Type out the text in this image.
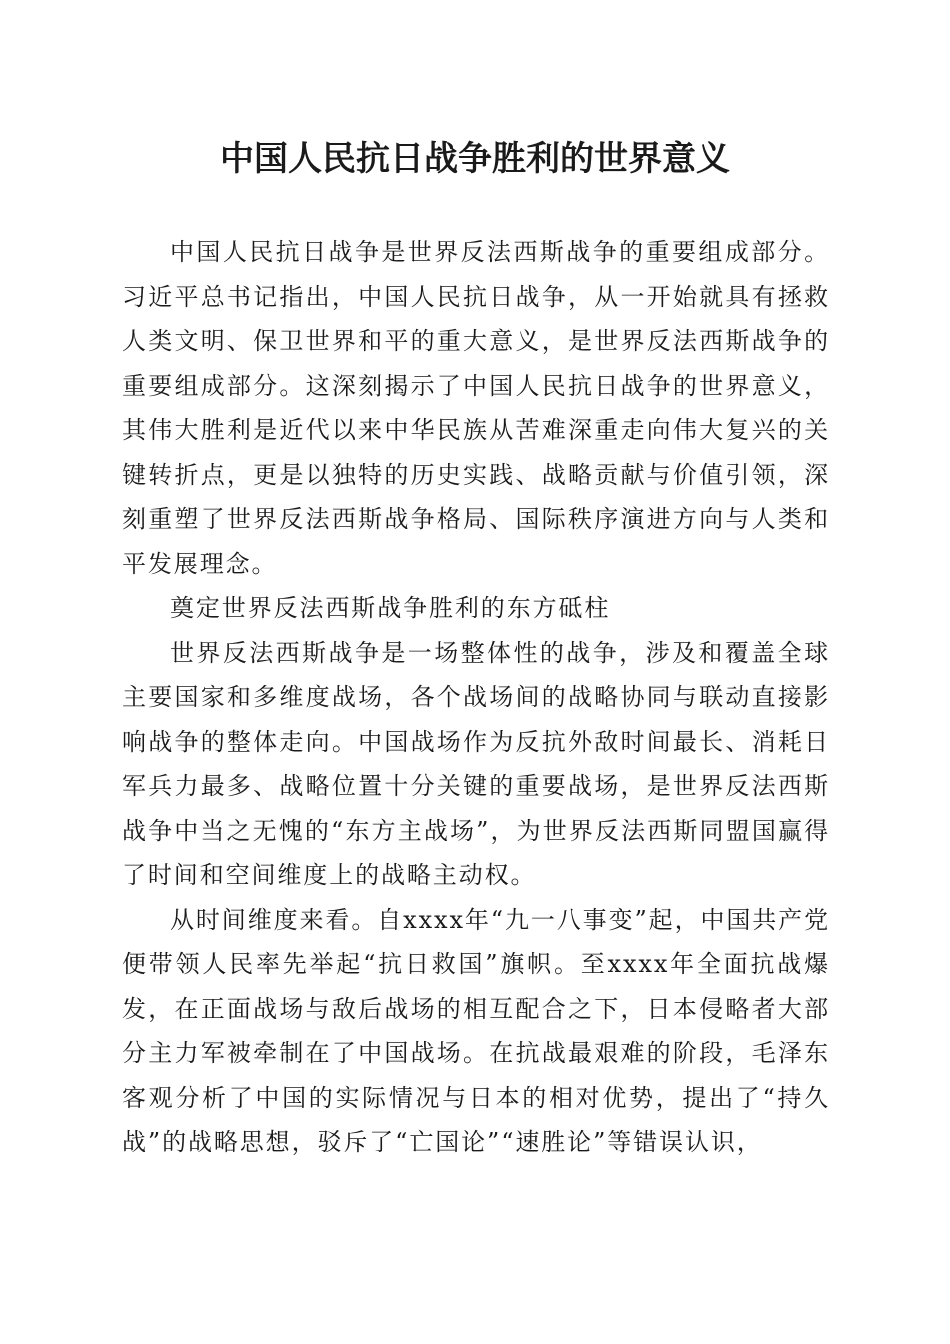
中国人民抗日战争胜利的世界意义

中国人民抗日战争是世界反法西斯战争的重要组成部分。习近平总书记指出，中国人民抗日战争，从一开始就具有拯救人类文明、保卫世界和平的重大意义，是世界反法西斯战争的重要组成部分。这深刻揭示了中国人民抗日战争的世界意义，其伟大胜利是近代以来中华民族从苦难深重走向伟大复兴的关键转折点，更是以独特的历史实践、战略贡献与价值引领，深刻重塑了世界反法西斯战争格局、国际秩序演进方向与人类和平发展理念。

奠定世界反法西斯战争胜利的东方砥柱

世界反法西斯战争是一场整体性的战争，涉及和覆盖全球主要国家和多维度战场，各个战场间的战略协同与联动直接影响战争的整体走向。中国战场作为反抗外敌时间最长、消耗日军兵力最多、战略位置十分关键的重要战场，是世界反法西斯战争中当之无愧的“东方主战场”，为世界反法西斯同盟国赢得了时间和空间维度上的战略主动权。

从时间维度来看。自xxxx年“九一八事变”起，中国共产党便带领人民率先举起“抗日救国”旗帜。至xxxx年全面抗战爆发，在正面战场与敌后战场的相互配合之下，日本侵略者大部分主力军被牵制在了中国战场。在抗战最艰难的阶段，毛泽东客观分析了中国的实际情况与日本的相对优势，提出了“持久战”的战略思想，驳斥了“亡国论”“速胜论”等错误认识，
